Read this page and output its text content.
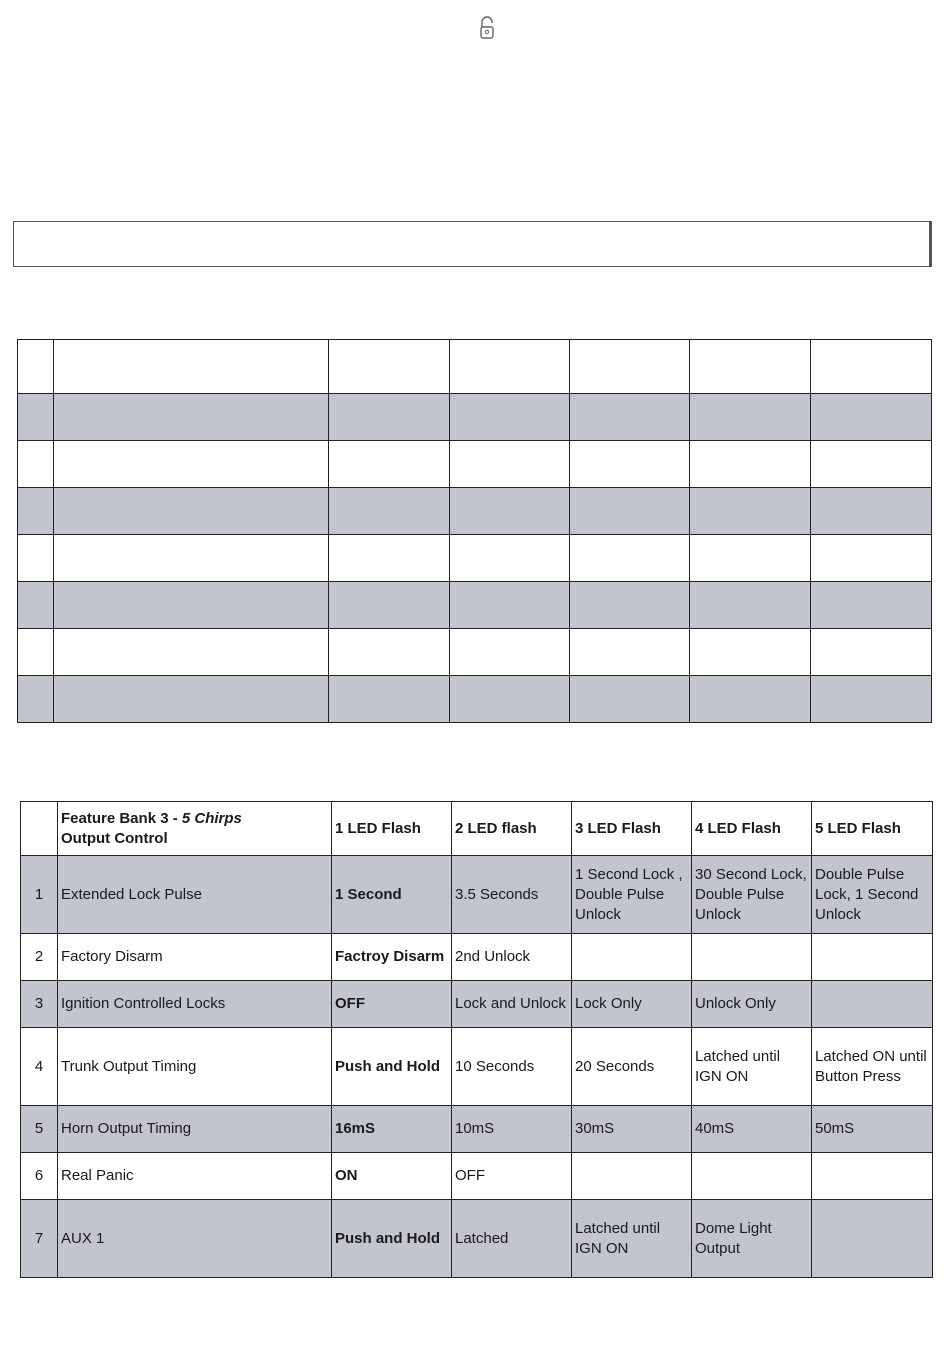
	Feature Bank 3 - 5 Chirps
Output Control	1 LED Flash	2 LED flash	3 LED Flash	4 LED Flash	5 LED Flash
1	Extended Lock Pulse	1 Second	3.5 Seconds	1 Second Lock , Double Pulse Unlock	30 Second Lock, Double Pulse Unlock	Double Pulse Lock, 1 Second Unlock
2	Factory Disarm	Factroy Disarm	2nd Unlock			
3	Ignition Controlled Locks	OFF	Lock and Unlock	Lock Only	Unlock Only	
4	Trunk Output Timing	Push and Hold	10 Seconds	20 Seconds	Latched until IGN ON	Latched ON until Button Press
5	Horn Output Timing	16mS	10mS	30mS	40mS	50mS
6	Real Panic	ON	OFF			
7	AUX 1	Push and Hold	Latched	Latched until IGN ON	Dome Light Output	
